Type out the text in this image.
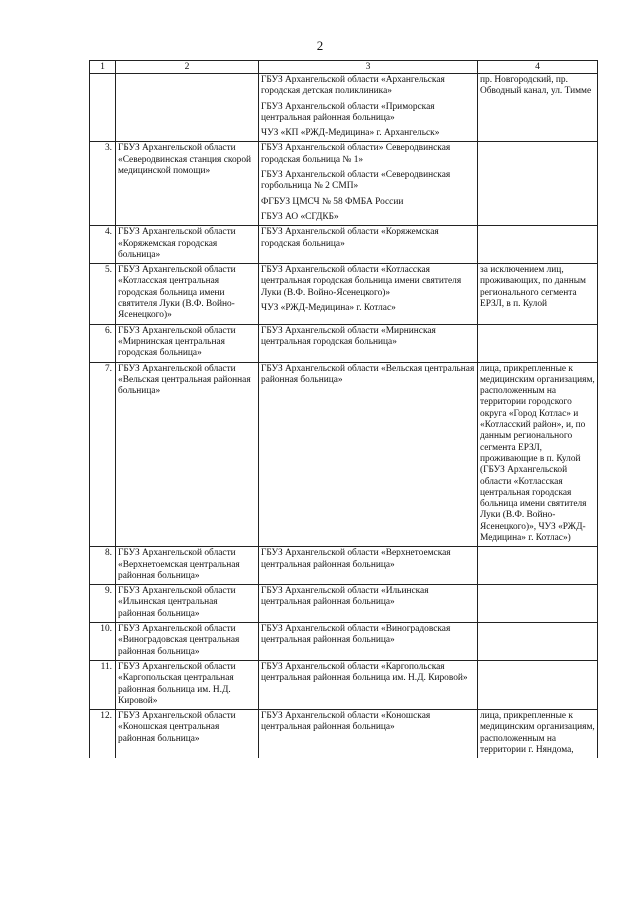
2
1	2	3	4

		ГБУЗ Архангельской области «Архангельская городская детская поликлиника»
ГБУЗ Архангельской области «Приморская центральная районная больница»
ЧУЗ «КП «РЖД-Медицина» г. Архангельск»	пр. Новгородский, пр. Обводный канал, ул. Тимме
3.	ГБУЗ Архангельской области «Северодвинская станция скорой медицинской помощи»	ГБУЗ Архангельской области» Северодвинская городская больница № 1»
ГБУЗ Архангельской области «Северодвинская горбольница № 2 СМП»
ФГБУЗ ЦМСЧ № 58 ФМБА России
ГБУЗ АО «СГДКБ»	

4.	ГБУЗ Архангельской области «Коряжемская городская больница»	ГБУЗ Архангельской области «Коряжемская городская больница»	

5.	ГБУЗ Архангельской области «Котласская центральная городская больница имени святителя Луки (В.Ф. Войно-Ясенецкого)»	ГБУЗ Архангельской области «Котласская центральная городская больница имени святителя Луки (В.Ф. Войно-Ясенецкого)»
ЧУЗ «РЖД-Медицина» г. Котлас»	за исключением лиц, проживающих, по данным регионального сегмента ЕРЗЛ, в п. Кулой
6.	ГБУЗ Архангельской области «Мирнинская центральная городская больница»	ГБУЗ Архангельской области «Мирнинская центральная городская больница»	

7.	ГБУЗ Архангельской области «Вельская центральная районная больница»	ГБУЗ Архангельской области «Вельская центральная районная больница»	лица, прикрепленные к медицинским организациям, расположенным на территории городского округа «Город Котлас» и «Котласский район», и, по данным регионального сегмента ЕРЗЛ, проживающие в п. Кулой (ГБУЗ Архангельской области «Котласская центральная городская больница имени святителя Луки (В.Ф. Войно-Ясенецкого)», ЧУЗ «РЖД-Медицина» г. Котлас»)
8.	ГБУЗ Архангельской области «Верхнетоемская центральная районная больница»	ГБУЗ Архангельской области «Верхнетоемская центральная районная больница»	

9.	ГБУЗ Архангельской области «Ильинская центральная районная больница»	ГБУЗ Архангельской области «Ильинская центральная районная больница»	

10.	ГБУЗ Архангельской области «Виноградовская центральная районная больница»	ГБУЗ Архангельской области «Виноградовская центральная районная больница»	

11.	ГБУЗ Архангельской области «Каргопольская центральная районная больница им. Н.Д. Кировой»	ГБУЗ Архангельской области «Каргопольская центральная районная больница им. Н.Д. Кировой»	

12.	ГБУЗ Архангельской области «Коношская центральная районная больница»	ГБУЗ Архангельской области «Коношская центральная районная больница»	лица, прикрепленные к медицинским организациям, расположенным на территории г. Няндома,
